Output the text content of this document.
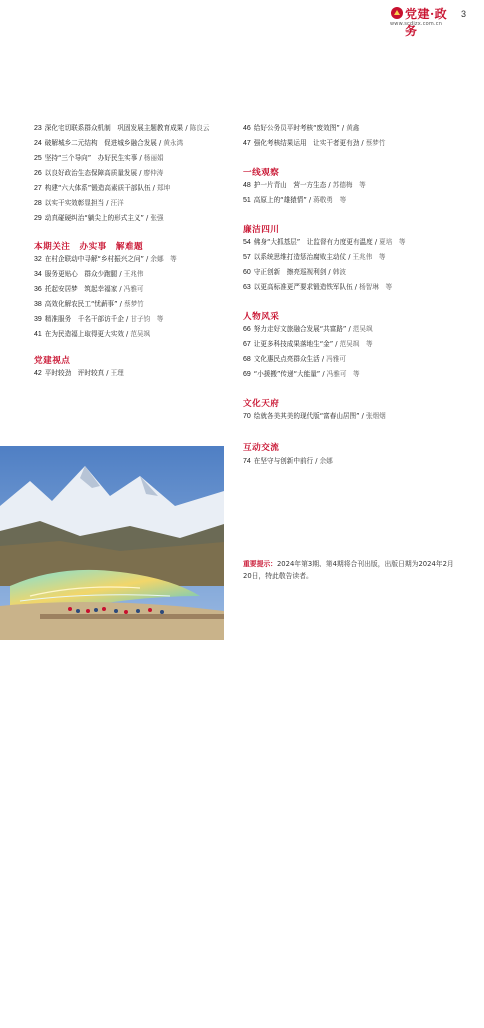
党建·政务
www.scdjzx.com.cn
3
23 深化宅切联系群众机制　巩固发展主题教育成果 / 陈良云
24 破解城乡二元结构　促进城乡融合发展 / 黄永鸿
25 坚持“三个导向”　办好民生实事 / 杨丽娟
26 以良好政治生态保障高质量发展 / 廖仲涛
27 构建“六大体系”锻造高素质干部队伍 / 郑坤
28 以实干实效彰显担当 / 汪洋
29 动真碰硬纠治“躺尖上的形式主义” / 张强
本期关注　办实事　解难题
32 在村企联动中寻解“乡村振兴之问” / 余娜　等
34 服务更贴心　群众少跑腿 / 王兆伟
36 托起安居梦　筑起幸福家 / 冯雅可
38 高效化解农民工“忧薪事” / 蔡梦竹
39 精准服务　千名干部访千企 / 甘子钧　等
41 在为民造福上取得更大实效 / 范吴飒
党建视点
42 平时较劲　评时较真 / 王理
46 给好公务员平时考核“废效图” / 黄鑫
47 强化考核结果运用　让实干者更有劲 / 蔡梦竹
一线观察
48 护一片青山　营一方生态 / 苏德梅　等
51 高原上的“雄猿情” / 蒋敬勇　等
廉洁四川
54 佛身“大抓基层”　让监督有力度更有温度 / 夏培　等
57 以系统思维打造惩治腐败主动仗 / 王兆伟　等
60 守正创新　擦亮巡视利剑 / 韩波
63 以更高标准更严要求锻造铁军队伍 / 杨智琳　等
人物风采
66 努力走好文旅融合发展“共富路” / 范吴飒
67 让更多科技成果落地生“金” / 范吴飒　等
68 文化惠民点亮群众生活 / 冯雅可
69 “小援搬”传递“大能量” / 冯雅可　等
文化天府
70 绘就各美其美的现代版“富春山居图” / 张烟烟
互动交流
74 在坚守与创新中前行 / 余娜
P10
重要提示：2024年第3期、第4期将合刊出版，出版日期为2024年2月20日，特此敬告读者。
